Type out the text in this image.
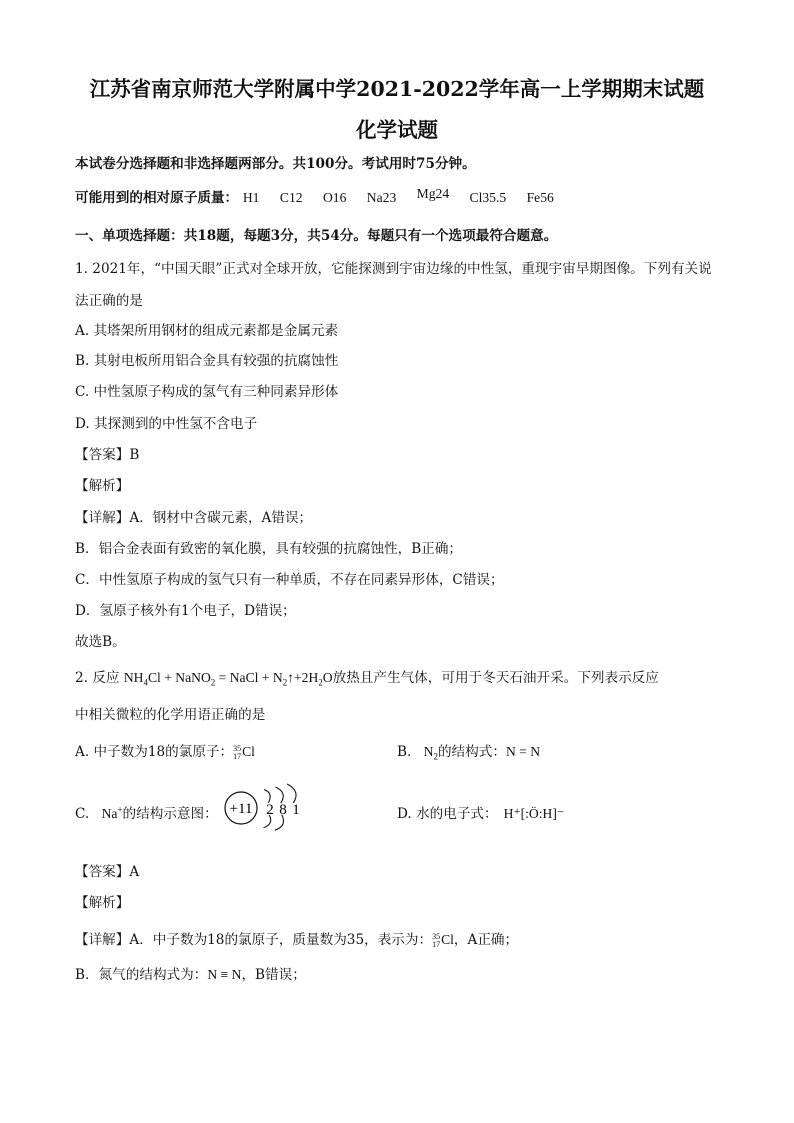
江苏省南京师范大学附属中学2021-2022学年高一上学期期末试题
化学试题
本试卷分选择题和非选择题两部分。共100分。考试用时75分钟。
可能用到的相对原子质量： H1 C12 O16 Na23 Mg24 Cl35.5 Fe56
一、单项选择题：共18题，每题3分，共54分。每题只有一个选项最符合题意。
1. 2021年，“中国天眼”正式对全球开放，它能探测到宇宙边缘的中性氢，重现宇宙早期图像。下列有关说
法正确的是
A. 其塔架所用钢材的组成元素都是金属元素
B. 其射电板所用铝合金具有较强的抗腐蚀性
C. 中性氢原子构成的氢气有三种同素异形体
D. 其探测到的中性氢不含电子
【答案】B
【解析】
【详解】A．钢材中含碳元素，A错误；
B．铝合金表面有致密的氧化膜，具有较强的抗腐蚀性，B正确；
C．中性氢原子构成的氢气只有一种单质，不存在同素异形体，C错误；
D．氢原子核外有1个电子，D错误；
故选B。
2. 反应 $NH_4Cl$ + NaNO$_2$ = NaCl + $N_2↑+2H_2O$放热且产生气体，可用于冬天石油开采。下列表示反应
中相关微粒的化学用语正确的是
A. 中子数为18的氯原子： 35
17 Cl	B. $N_2$的结构式：N = N
C. Na+的结构示意图： +11 2 8 1	D. 水的电子式： H⁺[:Ö:H]⁻
【答案】A
【解析】
【详解】A．中子数为18的氯原子，质量数为35，表示为： 35
17 Cl，A正确；
B．氮气的结构式为：N ≡ N，B错误；
